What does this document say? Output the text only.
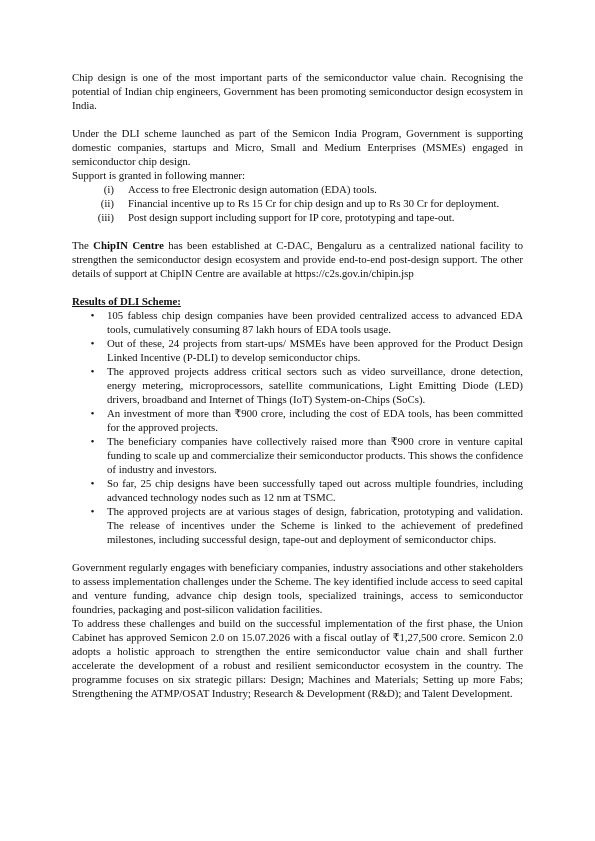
Chip design is one of the most important parts of the semiconductor value chain. Recognising the potential of Indian chip engineers, Government has been promoting semiconductor design ecosystem in India.

Under the DLI scheme launched as part of the Semicon India Program, Government is supporting domestic companies, startups and Micro, Small and Medium Enterprises (MSMEs) engaged in semiconductor chip design.

Support is granted in following manner:

(i)	Access to free Electronic design automation (EDA) tools.
(ii)	Financial incentive up to Rs 15 Cr for chip design and up to Rs 30 Cr for deployment.
(iii)	Post design support including support for IP core, prototyping and tape-out.

The ChipIN Centre has been established at C-DAC, Bengaluru as a centralized national facility to strengthen the semiconductor design ecosystem and provide end-to-end post-design support. The other details of support at ChipIN Centre are available at https://c2s.gov.in/chipin.jsp

Results of DLI Scheme:

•	105 fabless chip design companies have been provided centralized access to advanced EDA tools, cumulatively consuming 87 lakh hours of EDA tools usage.
•	Out of these, 24 projects from start-ups/ MSMEs have been approved for the Product Design Linked Incentive (P-DLI) to develop semiconductor chips.
•	The approved projects address critical sectors such as video surveillance, drone detection, energy metering, microprocessors, satellite communications, Light Emitting Diode (LED) drivers, broadband and Internet of Things (IoT) System-on-Chips (SoCs).
•	An investment of more than ₹900 crore, including the cost of EDA tools, has been committed for the approved projects.
•	The beneficiary companies have collectively raised more than ₹900 crore in venture capital funding to scale up and commercialize their semiconductor products. This shows the confidence of industry and investors.
•	So far, 25 chip designs have been successfully taped out across multiple foundries, including advanced technology nodes such as 12 nm at TSMC.
•	The approved projects are at various stages of design, fabrication, prototyping and validation. The release of incentives under the Scheme is linked to the achievement of predefined milestones, including successful design, tape-out and deployment of semiconductor chips.

Government regularly engages with beneficiary companies, industry associations and other stakeholders to assess implementation challenges under the Scheme. The key identified include access to seed capital and venture funding, advance chip design tools, specialized trainings, access to semiconductor foundries, packaging and post-silicon validation facilities.

To address these challenges and build on the successful implementation of the first phase, the Union Cabinet has approved Semicon 2.0 on 15.07.2026 with a fiscal outlay of ₹1,27,500 crore. Semicon 2.0 adopts a holistic approach to strengthen the entire semiconductor value chain and shall further accelerate the development of a robust and resilient semiconductor ecosystem in the country. The programme focuses on six strategic pillars: Design; Machines and Materials; Setting up more Fabs; Strengthening the ATMP/OSAT Industry; Research & Development (R&D); and Talent Development.
